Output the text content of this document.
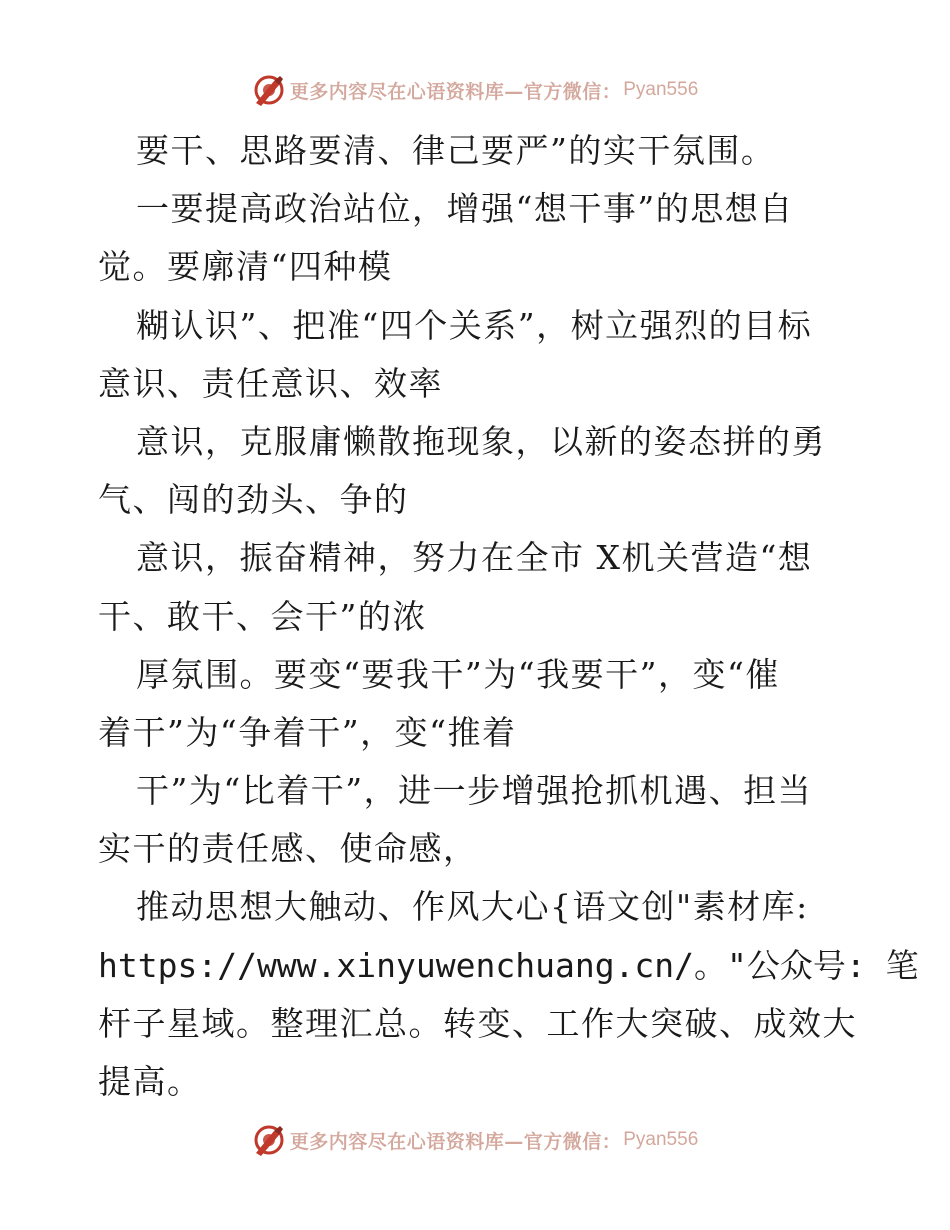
更多内容尽在心语资料库—官方微信： Pyan556
要干、思路要清、律己要严”的实干氛围。
一要提高政治站位，增强“想干事”的思想自
觉。要廓清“四种模
糊认识”、把准“四个关系”，树立强烈的目标
意识、责任意识、效率
意识，克服庸懒散拖现象，以新的姿态拼的勇
气、闯的劲头、争的
意识，振奋精神，努力在全市 X机关营造“想
干、敢干、会干”的浓
厚氛围。要变“要我干”为“我要干”，变“催
着干”为“争着干”，变“推着
干”为“比着干”，进一步增强抢抓机遇、担当
实干的责任感、使命感，
推动思想大触动、作风大心{语文创"素材库:
https://www.xinyuwenchuang.cn/。"公众号: 笔
杆子星域。整理汇总。转变、工作大突破、成效大
提高。
更多内容尽在心语资料库—官方微信： Pyan556
